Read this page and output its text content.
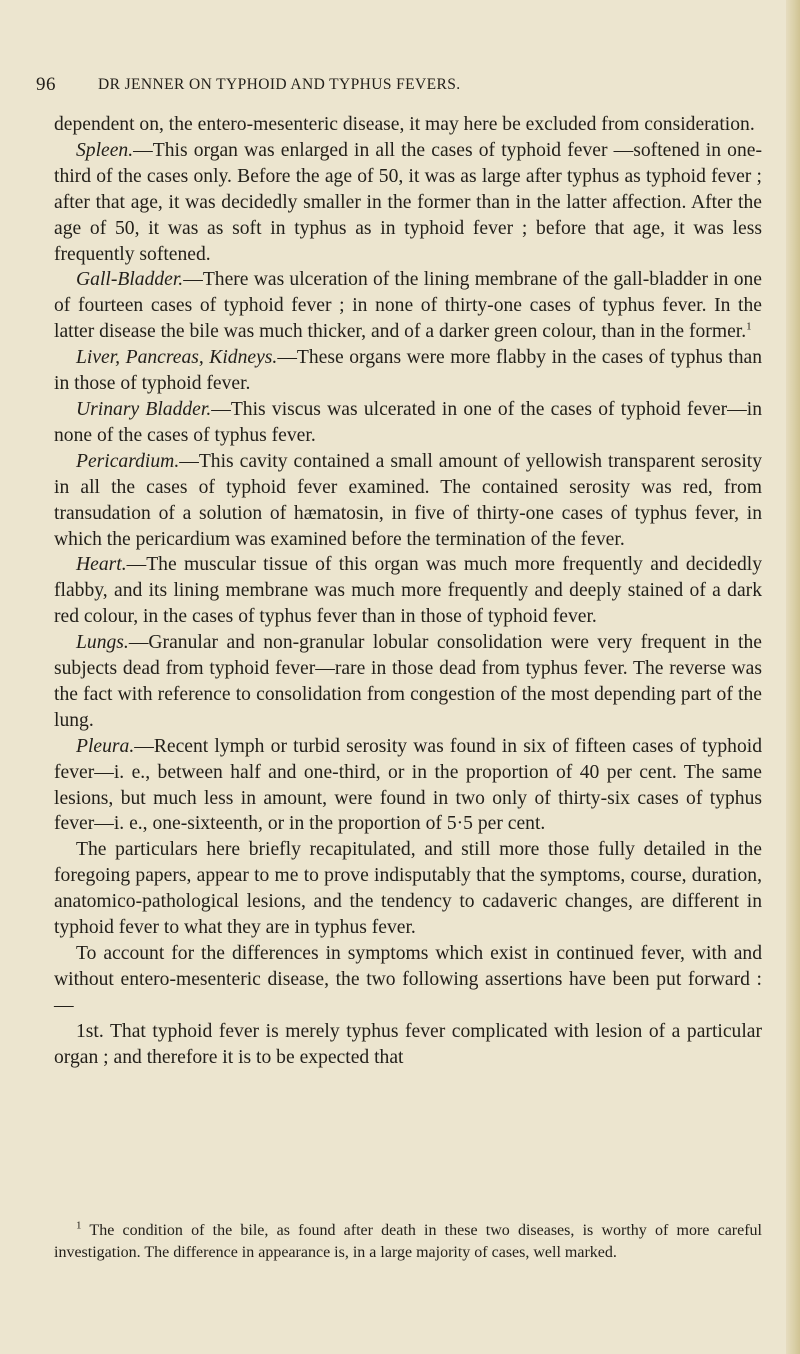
96	DR JENNER ON TYPHOID AND TYPHUS FEVERS.

dependent on, the entero-mesenteric disease, it may here be excluded from consideration.

Spleen.—This organ was enlarged in all the cases of typhoid fever —softened in one-third of the cases only. Before the age of 50, it was as large after typhus as typhoid fever ; after that age, it was decidedly smaller in the former than in the latter affection. After the age of 50, it was as soft in typhus as in typhoid fever ; before that age, it was less frequently softened.

Gall-Bladder.—There was ulceration of the lining membrane of the gall-bladder in one of fourteen cases of typhoid fever ; in none of thirty-one cases of typhus fever. In the latter disease the bile was much thicker, and of a darker green colour, than in the former.$^1$

Liver, Pancreas, Kidneys.—These organs were more flabby in the cases of typhus than in those of typhoid fever.

Urinary Bladder.—This viscus was ulcerated in one of the cases of typhoid fever—in none of the cases of typhus fever.

Pericardium.—This cavity contained a small amount of yellowish transparent serosity in all the cases of typhoid fever examined. The contained serosity was red, from transudation of a solution of hæmatosin, in five of thirty-one cases of typhus fever, in which the pericardium was examined before the termination of the fever.

Heart.—The muscular tissue of this organ was much more frequently and decidedly flabby, and its lining membrane was much more frequently and deeply stained of a dark red colour, in the cases of typhus fever than in those of typhoid fever.

Lungs.—Granular and non-granular lobular consolidation were very frequent in the subjects dead from typhoid fever—rare in those dead from typhus fever. The reverse was the fact with reference to consolidation from congestion of the most depending part of the lung.

Pleura.—Recent lymph or turbid serosity was found in six of fifteen cases of typhoid fever—i. e., between half and one-third, or in the proportion of 40 per cent. The same lesions, but much less in amount, were found in two only of thirty-six cases of typhus fever—i. e., one-sixteenth, or in the proportion of 5·5 per cent.

The particulars here briefly recapitulated, and still more those fully detailed in the foregoing papers, appear to me to prove indisputably that the symptoms, course, duration, anatomico-pathological lesions, and the tendency to cadaveric changes, are different in typhoid fever to what they are in typhus fever.

To account for the differences in symptoms which exist in continued fever, with and without entero-mesenteric disease, the two following assertions have been put forward :—

1st. That typhoid fever is merely typhus fever complicated with lesion of a particular organ ; and therefore it is to be expected that

$^1$ The condition of the bile, as found after death in these two diseases, is worthy of more careful investigation. The difference in appearance is, in a large majority of cases, well marked.
